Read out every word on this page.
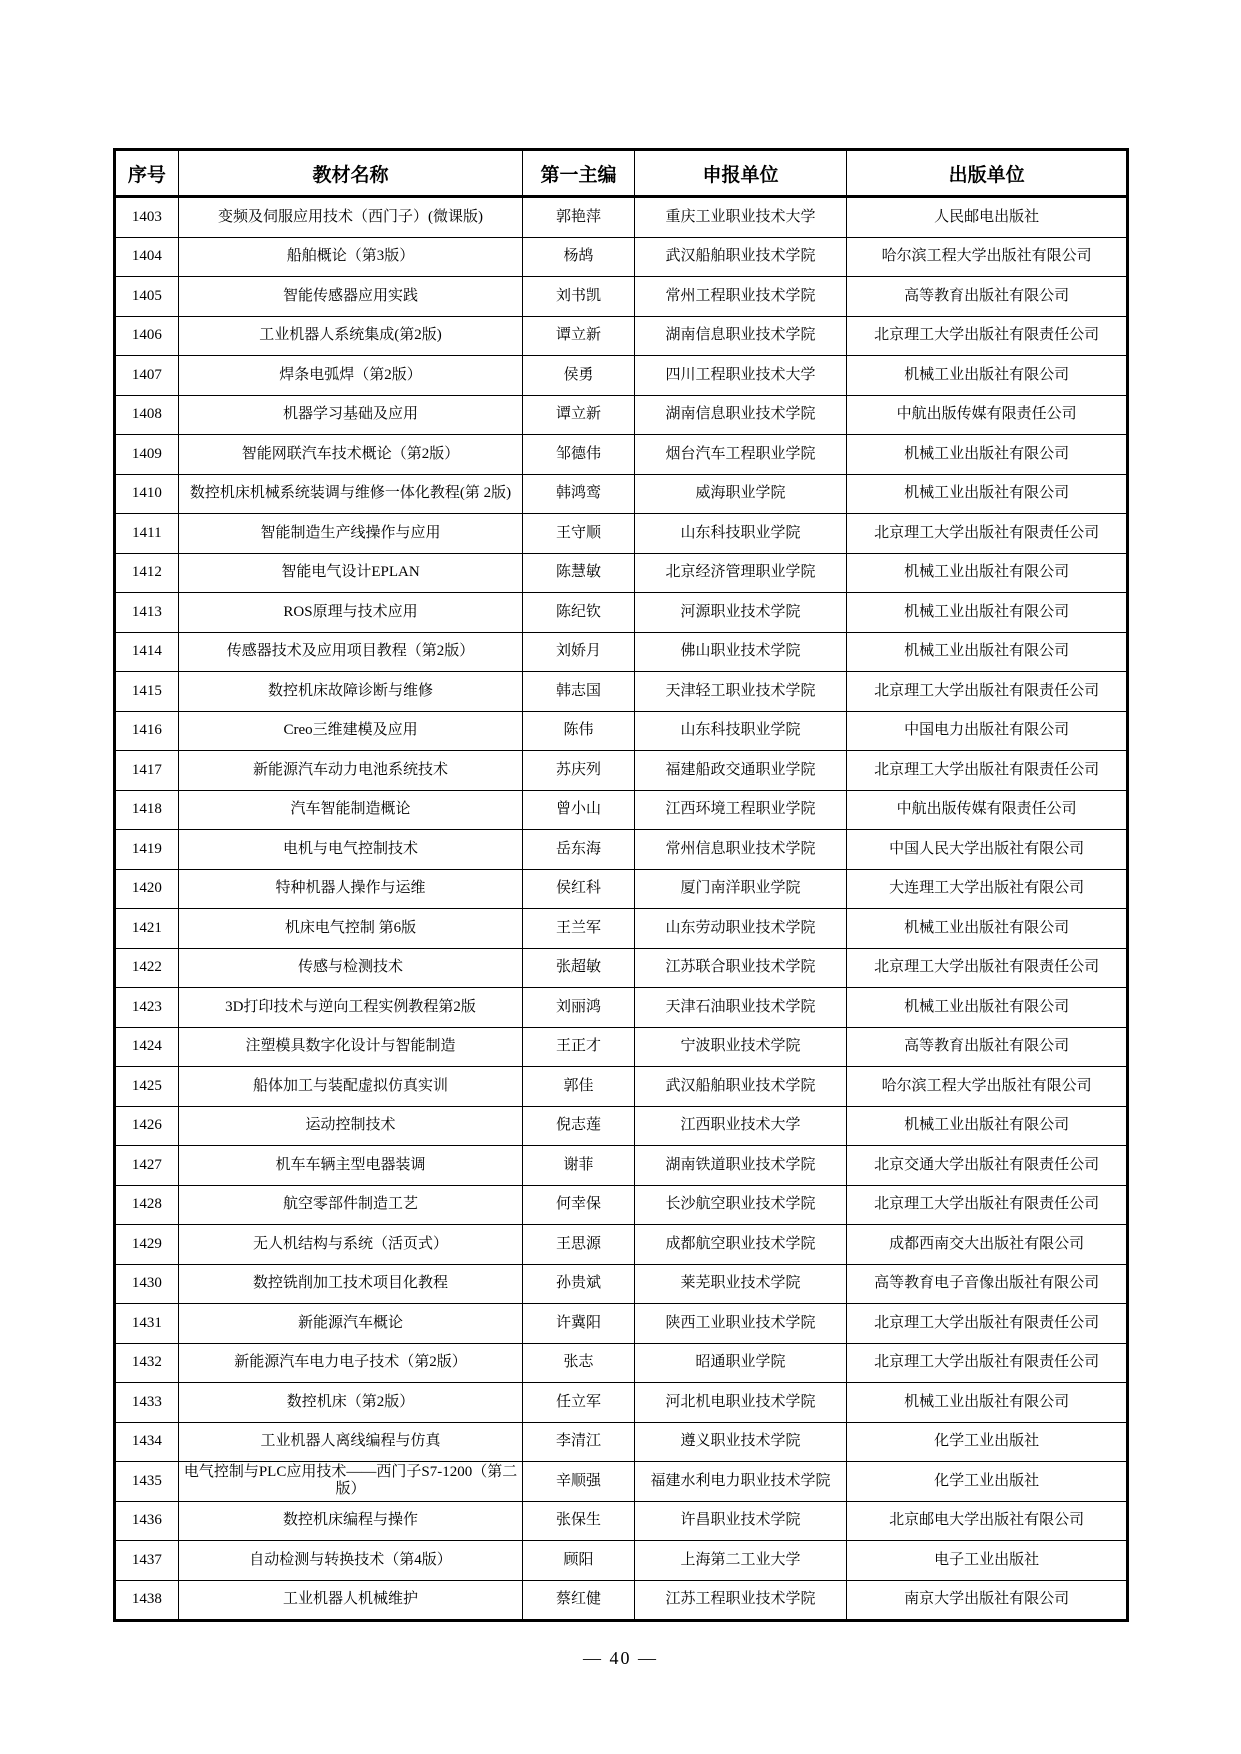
序号	教材名称	第一主编	申报单位	出版单位
1403	变频及伺服应用技术（西门子）(微课版)	郭艳萍	重庆工业职业技术大学	人民邮电出版社
1404	船舶概论（第3版）	杨鸪	武汉船舶职业技术学院	哈尔滨工程大学出版社有限公司
1405	智能传感器应用实践	刘书凯	常州工程职业技术学院	高等教育出版社有限公司
1406	工业机器人系统集成(第2版)	谭立新	湖南信息职业技术学院	北京理工大学出版社有限责任公司
1407	焊条电弧焊（第2版）	侯勇	四川工程职业技术大学	机械工业出版社有限公司
1408	机器学习基础及应用	谭立新	湖南信息职业技术学院	中航出版传媒有限责任公司
1409	智能网联汽车技术概论（第2版）	邹德伟	烟台汽车工程职业学院	机械工业出版社有限公司
1410	数控机床机械系统装调与维修一体化教程(第 2版)	韩鸿鸾	威海职业学院	机械工业出版社有限公司
1411	智能制造生产线操作与应用	王守顺	山东科技职业学院	北京理工大学出版社有限责任公司
1412	智能电气设计EPLAN	陈慧敏	北京经济管理职业学院	机械工业出版社有限公司
1413	ROS原理与技术应用	陈纪钦	河源职业技术学院	机械工业出版社有限公司
1414	传感器技术及应用项目教程（第2版）	刘娇月	佛山职业技术学院	机械工业出版社有限公司
1415	数控机床故障诊断与维修	韩志国	天津轻工职业技术学院	北京理工大学出版社有限责任公司
1416	Creo三维建模及应用	陈伟	山东科技职业学院	中国电力出版社有限公司
1417	新能源汽车动力电池系统技术	苏庆列	福建船政交通职业学院	北京理工大学出版社有限责任公司
1418	汽车智能制造概论	曾小山	江西环境工程职业学院	中航出版传媒有限责任公司
1419	电机与电气控制技术	岳东海	常州信息职业技术学院	中国人民大学出版社有限公司
1420	特种机器人操作与运维	侯红科	厦门南洋职业学院	大连理工大学出版社有限公司
1421	机床电气控制 第6版	王兰军	山东劳动职业技术学院	机械工业出版社有限公司
1422	传感与检测技术	张超敏	江苏联合职业技术学院	北京理工大学出版社有限责任公司
1423	3D打印技术与逆向工程实例教程第2版	刘丽鸿	天津石油职业技术学院	机械工业出版社有限公司
1424	注塑模具数字化设计与智能制造	王正才	宁波职业技术学院	高等教育出版社有限公司
1425	船体加工与装配虚拟仿真实训	郭佳	武汉船舶职业技术学院	哈尔滨工程大学出版社有限公司
1426	运动控制技术	倪志莲	江西职业技术大学	机械工业出版社有限公司
1427	机车车辆主型电器装调	谢菲	湖南铁道职业技术学院	北京交通大学出版社有限责任公司
1428	航空零部件制造工艺	何幸保	长沙航空职业技术学院	北京理工大学出版社有限责任公司
1429	无人机结构与系统（活页式）	王思源	成都航空职业技术学院	成都西南交大出版社有限公司
1430	数控铣削加工技术项目化教程	孙贵斌	莱芜职业技术学院	高等教育电子音像出版社有限公司
1431	新能源汽车概论	许冀阳	陕西工业职业技术学院	北京理工大学出版社有限责任公司
1432	新能源汽车电力电子技术（第2版）	张志	昭通职业学院	北京理工大学出版社有限责任公司
1433	数控机床（第2版）	任立军	河北机电职业技术学院	机械工业出版社有限公司
1434	工业机器人离线编程与仿真	李清江	遵义职业技术学院	化学工业出版社
1435	电气控制与PLC应用技术——西门子S7-1200（第二版）	辛顺强	福建水利电力职业技术学院	化学工业出版社
1436	数控机床编程与操作	张保生	许昌职业技术学院	北京邮电大学出版社有限公司
1437	自动检测与转换技术（第4版）	顾阳	上海第二工业大学	电子工业出版社
1438	工业机器人机械维护	蔡红健	江苏工程职业技术学院	南京大学出版社有限公司
— 40 —
